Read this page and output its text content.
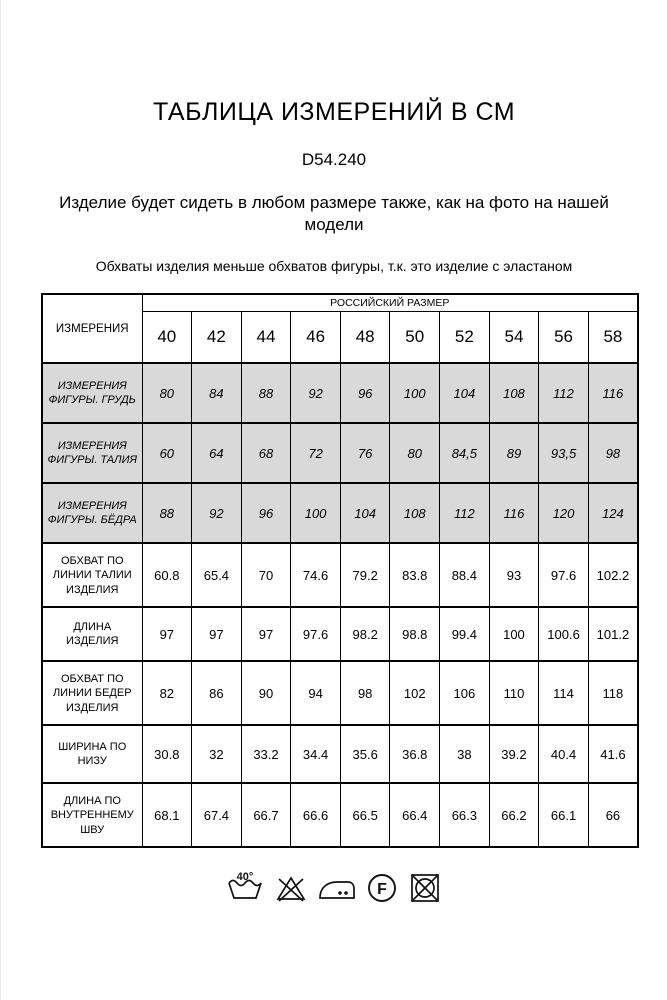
ТАБЛИЦА ИЗМЕРЕНИЙ В СМ
D54.240
Изделие будет сидеть в любом размере также, как на фото на нашей модели
Обхваты изделия меньше обхватов фигуры, т.к. это изделие с эластаном
ИЗМЕРЕНИЯ	РОССИЙСКИЙ РАЗМЕР									
	40	42	44	46	48	50	52	54	56	58
ИЗМЕРЕНИЯ ФИГУРЫ. ГРУДЬ	80	84	88	92	96	100	104	108	112	116
ИЗМЕРЕНИЯ ФИГУРЫ. ТАЛИЯ	60	64	68	72	76	80	84,5	89	93,5	98
ИЗМЕРЕНИЯ ФИГУРЫ. БЁДРА	88	92	96	100	104	108	112	116	120	124
ОБХВАТ ПО ЛИНИИ ТАЛИИ ИЗДЕЛИЯ	60.8	65.4	70	74.6	79.2	83.8	88.4	93	97.6	102.2
ДЛИНА ИЗДЕЛИЯ	97	97	97	97.6	98.2	98.8	99.4	100	100.6	101.2
ОБХВАТ ПО ЛИНИИ БЕДЕР ИЗДЕЛИЯ	82	86	90	94	98	102	106	110	114	118
ШИРИНА ПО НИЗУ	30.8	32	33.2	34.4	35.6	36.8	38	39.2	40.4	41.6
ДЛИНА ПО ВНУТРЕННЕМУ ШВУ	68.1	67.4	66.7	66.6	66.5	66.4	66.3	66.2	66.1	66
40°
F
